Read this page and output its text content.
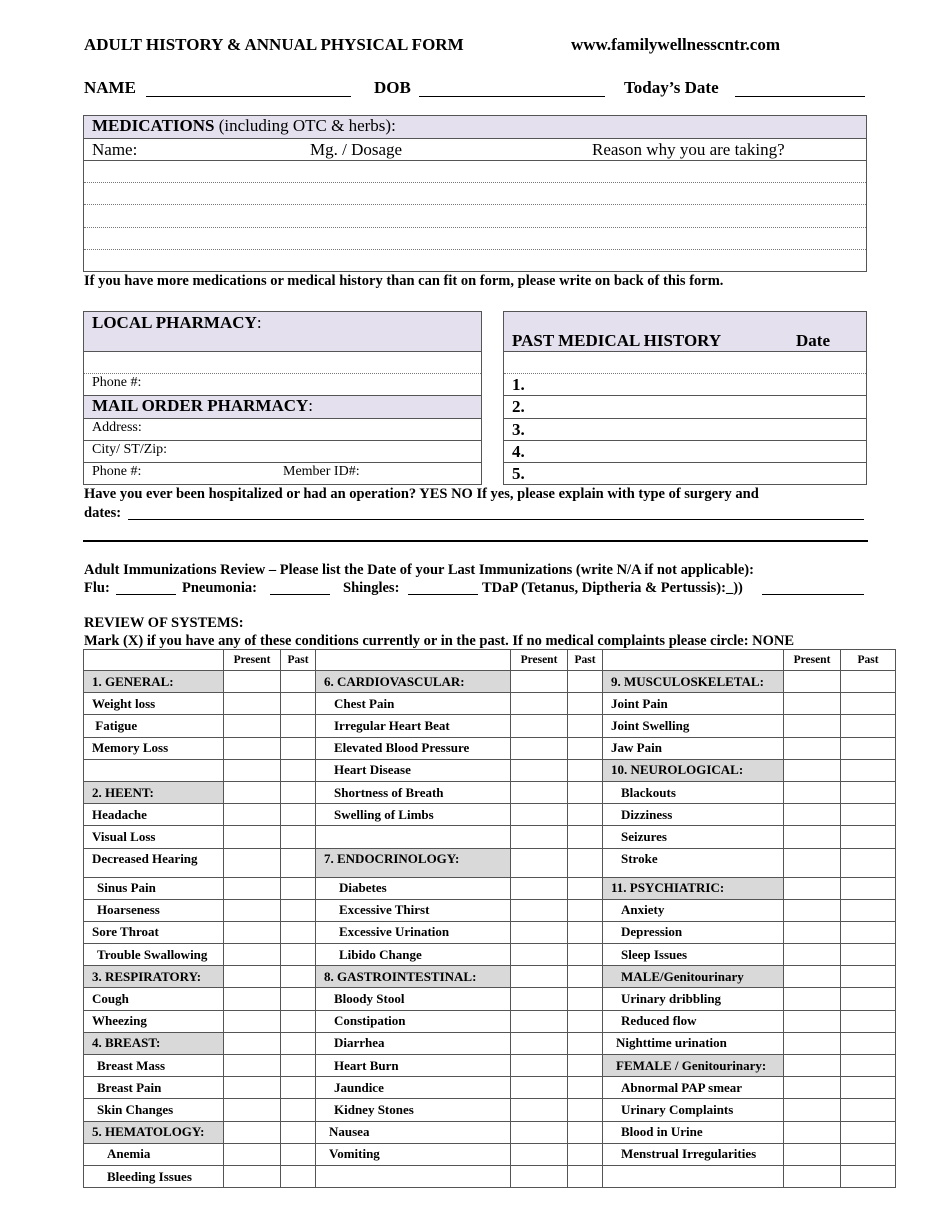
ADULT HISTORY & ANNUAL PHYSICAL FORM	www.familywellnesscntr.com
NAME	DOB	Today’s Date
MEDICATIONS (including OTC & herbs):
Name:	Mg. / Dosage	Reason why you are taking?
If you have more medications or medical history than can fit on form, please write on back of this form.
LOCAL PHARMACY:
Phone #:
MAIL ORDER PHARMACY:
Address:
City/ ST/Zip:
Phone #:	Member ID#:
PAST MEDICAL HISTORY	Date
1.
2.
3.
4.
5.
Have you ever been hospitalized or had an operation? YES NO If yes, please explain with type of surgery and
dates:
Adult Immunizations Review – Please list the Date of your Last Immunizations (write N/A if not applicable):
Flu:	Pneumonia:	Shingles:	TDaP (Tetanus, Diptheria & Pertussis):_))
REVIEW OF SYSTEMS:
Mark (X) if you have any of these conditions currently or in the past. If no medical complaints please circle: NONE
	Present	Past		Present	Past		Present	Past
1. GENERAL:			6. CARDIOVASCULAR:			9. MUSCULOSKELETAL:		
Weight loss			Chest Pain			Joint Pain		
Fatigue			Irregular Heart Beat			Joint Swelling		
Memory Loss			Elevated Blood Pressure			Jaw Pain		
			Heart Disease			10. NEUROLOGICAL:		
2. HEENT:			Shortness of Breath			Blackouts		
Headache			Swelling of Limbs			Dizziness		
Visual Loss						Seizures		
Decreased Hearing			7. ENDOCRINOLOGY:			Stroke		
Sinus Pain			Diabetes			11. PSYCHIATRIC:		
Hoarseness			Excessive Thirst			Anxiety		
Sore Throat			Excessive Urination			Depression		
Trouble Swallowing			Libido Change			Sleep Issues		
3. RESPIRATORY:			8. GASTROINTESTINAL:			MALE/Genitourinary		
Cough			Bloody Stool			Urinary dribbling		
Wheezing			Constipation			Reduced flow		
4. BREAST:			Diarrhea			Nighttime urination		
Breast Mass			Heart Burn			FEMALE / Genitourinary:		
Breast Pain			Jaundice			Abnormal PAP smear		
Skin Changes			Kidney Stones			Urinary Complaints		
5. HEMATOLOGY:			Nausea			Blood in Urine		
Anemia			Vomiting			Menstrual Irregularities		
Bleeding Issues								
